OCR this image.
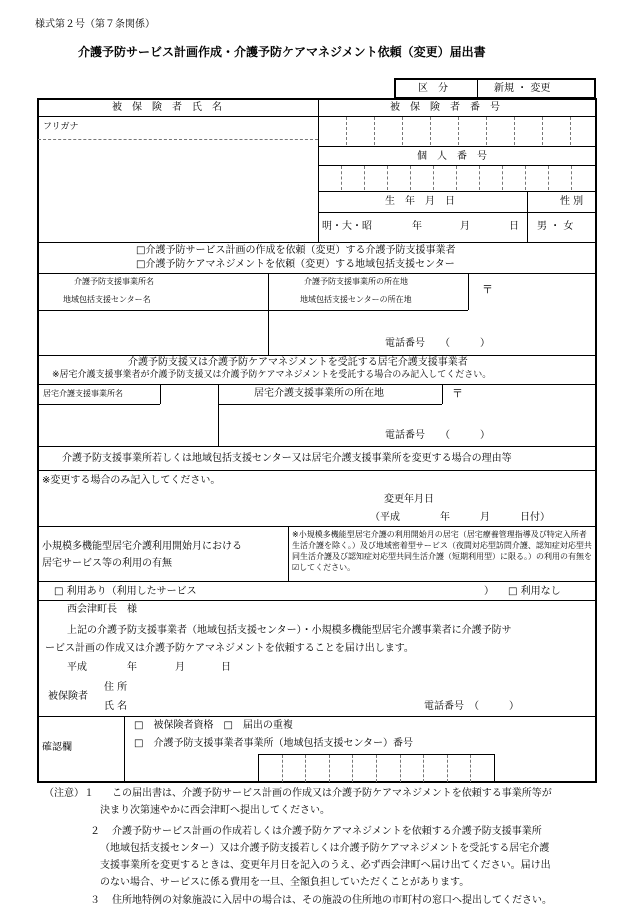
様式第２号（第７条関係）
介護予防サービス計画作成・介護予防ケアマネジメント依頼（変更）届出書
区　分	新規 ・ 変更
被　保　険　者　氏　名	被　保　険　者　番　号
フリガナ
個　人　番　号
生　年　月　日	性 別
明・大・昭	年	月	日 男 ・ 女
□介護予防サービス計画の作成を依頼（変更）する介護予防支援事業者
□介護予防ケアマネジメントを依頼（変更）する地域包括支援センター
介護予防支援事業所名
地域包括支援センター名
介護予防支援事業所の所在地
地域包括支援センターの所在地
〒
電話番号　　（　　　）
介護予防支援又は介護予防ケアマネジメントを受託する居宅介護支援事業者
※居宅介護支援事業者が介護予防支援又は介護予防ケアマネジメントを受託する場合のみ記入してください。
居宅介護支援事業所名	居宅介護支援事業所の所在地	〒
電話番号　　（　　　）
介護予防支援事業所若しくは地域包括支援センター又は居宅介護支援事業所を変更する場合の理由等
※変更する場合のみ記入してください。
変更年月日
（平成　　　　年　　　月　　　日付）
小規模多機能型居宅介護利用開始月における
居宅サービス等の利用の有無
※小規模多機能型居宅介護の利用開始月の居宅（居宅療養管理指導及び特定入所者生活介護を除く。）及び地域密着型サービス（夜間対応型訪問介護、認知症対応型共同生活介護及び認知症対応型共同生活介護（短期利用型）に限る。）の利用の有無を☑してください。
□ 利用あり（利用したサービス	） □ 利用なし
西会津町長　様
上記の介護予防支援事業者（地域包括支援センター）・小規模多機能型居宅介護事業者に介護予防サ
ービス計画の作成又は介護予防ケアマネジメントを依頼することを届け出します。
平成	年	月	日
被保険者
住 所
氏 名	電話番号　（　　　）
確認欄
□　被保険者資格　□　届出の重複
□　介護予防支援事業者事業所（地域包括支援センター）番号
（注意）１ この届出書は、介護予防サービス計画の作成又は介護予防ケアマネジメントを依頼する事業所等が
決まり次第速やかに西会津町へ提出してください。
２ 介護予防サービス計画の作成若しくは介護予防ケアマネジメントを依頼する介護予防支援事業所
（地域包括支援センター）又は介護予防支援若しくは介護予防ケアマネジメントを受託する居宅介護
支援事業所を変更するときは、変更年月日を記入のうえ、必ず西会津町へ届け出てください。届け出
のない場合、サービスに係る費用を一旦、全額負担していただくことがあります。
３ 住所地特例の対象施設に入居中の場合は、その施設の住所地の市町村の窓口へ提出してください。
